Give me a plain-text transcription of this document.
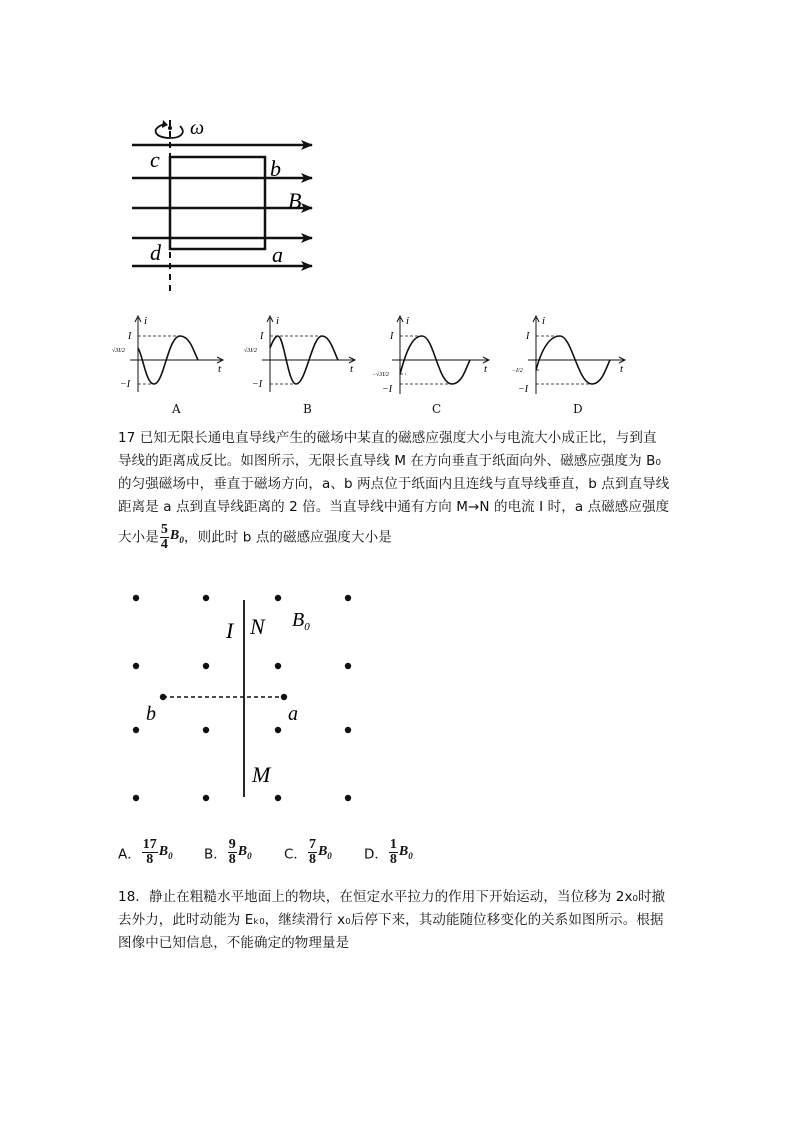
ω
c	b
B
d	a
i
t
I
√3I/2
−I
i
t
I
√3I/2
−I
i
t
I
−√3I/2
−I
i
t
I
−I/2
−I
A	B	C	D
17 已知无限长通电直导线产生的磁场中某直的磁感应强度大小与电流大小成正比，与到直
导线的距离成反比。如图所示，无限长直导线 M 在方向垂直于纸面向外、磁感应强度为 B₀
的匀强磁场中，垂直于磁场方向，a、b 两点位于纸面内且连线与直导线垂直，b 点到直导线
距离是 a 点到直导线距离的 2 倍。当直导线中通有方向 M→N 的电流 I 时，a 点磁感应强度
大小是 $\frac{5}{4} B_0$，则此时 b 点的磁感应强度大小是
I N $B_0$
b	a
M
A． $\frac{17}{8} B_0$ B． $\frac{9}{8} B_0$ C． $\frac{7}{8} B_0$ D． $\frac{1}{8} B_0$
18．静止在粗糙水平地面上的物块，在恒定水平拉力的作用下开始运动，当位移为 2x₀时撤
去外力，此时动能为 Eₖ₀，继续滑行 x₀后停下来，其动能随位移变化的关系如图所示。根据
图像中已知信息，不能确定的物理量是
